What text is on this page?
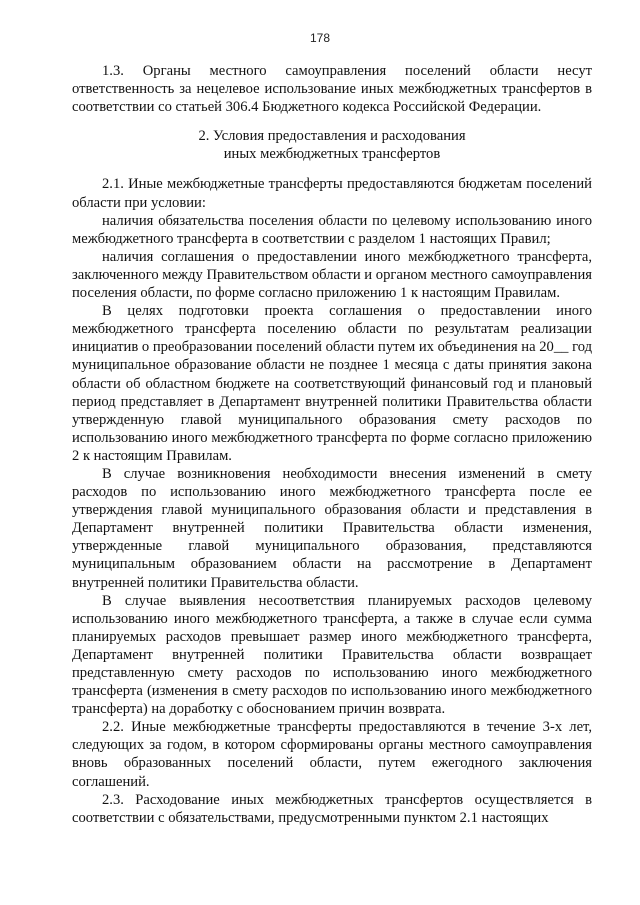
178

1.3. Органы местного самоуправления поселений области несут ответственность за нецелевое использование иных межбюджетных трансфертов в соответствии со статьей 306.4 Бюджетного кодекса Российской Федерации.

2. Условия предоставления и расходования
иных межбюджетных трансфертов

2.1. Иные межбюджетные трансферты предоставляются бюджетам поселений области при условии:

наличия обязательства поселения области по целевому использованию иного межбюджетного трансферта в соответствии с разделом 1 настоящих Правил;

наличия соглашения о предоставлении иного межбюджетного трансферта, заключенного между Правительством области и органом местного самоуправления поселения области, по форме согласно приложению 1 к настоящим Правилам.

В целях подготовки проекта соглашения о предоставлении иного межбюджетного трансферта поселению области по результатам реализации инициатив о преобразовании поселений области путем их объединения на 20__ год муниципальное образование области не позднее 1 месяца с даты принятия закона области об областном бюджете на соответствующий финансовый год и плановый период представляет в Департамент внутренней политики Правительства области утвержденную главой муниципального образования смету расходов по использованию иного межбюджетного трансферта по форме согласно приложению 2 к настоящим Правилам.

В случае возникновения необходимости внесения изменений в смету расходов по использованию иного межбюджетного трансферта после ее утверждения главой муниципального образования области и представления в Департамент внутренней политики Правительства области изменения, утвержденные главой муниципального образования, представляются муниципальным образованием области на рассмотрение в Департамент внутренней политики Правительства области.

В случае выявления несоответствия планируемых расходов целевому использованию иного межбюджетного трансферта, а также в случае если сумма планируемых расходов превышает размер иного межбюджетного трансферта, Департамент внутренней политики Правительства области возвращает представленную смету расходов по использованию иного межбюджетного трансферта (изменения в смету расходов по использованию иного межбюджетного трансферта) на доработку с обоснованием причин возврата.

2.2. Иные межбюджетные трансферты предоставляются в течение 3-х лет, следующих за годом, в котором сформированы органы местного самоуправления вновь образованных поселений области, путем ежегодного заключения соглашений.

2.3. Расходование иных межбюджетных трансфертов осуществляется в соответствии с обязательствами, предусмотренными пунктом 2.1 настоящих
